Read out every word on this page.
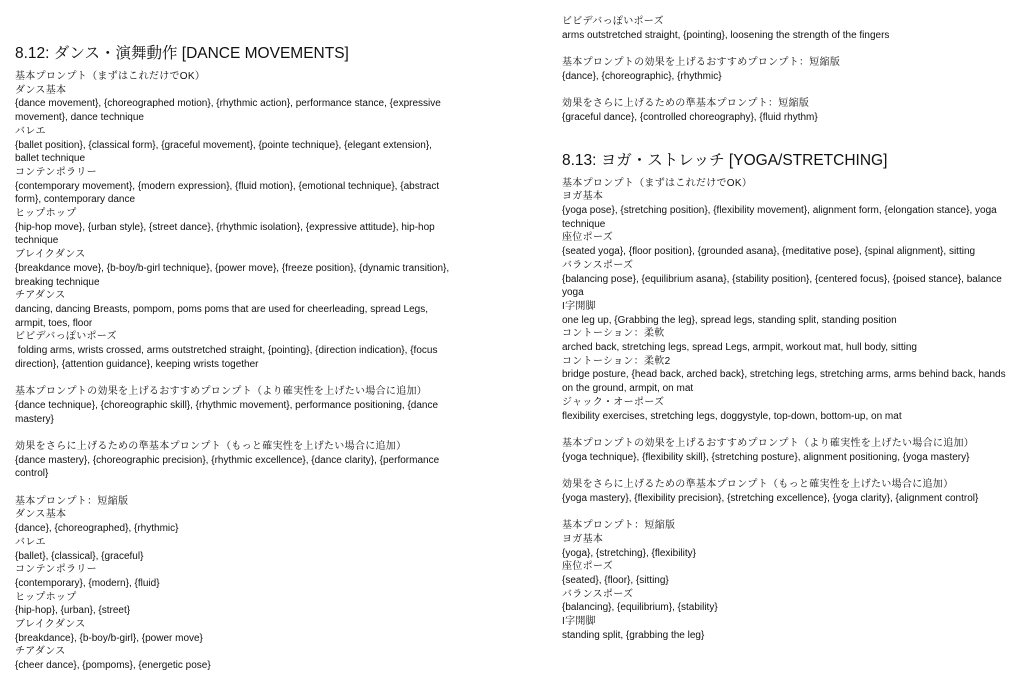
8.12: ダンス・演舞動作 [DANCE MOVEMENTS]
基本プロンプト（まずはこれだけでOK）
ダンス基本
{dance movement}, {choreographed motion}, {rhythmic action}, performance stance, {expressive movement}, dance technique
バレエ
{ballet position}, {classical form}, {graceful movement}, {pointe technique}, {elegant extension}, ballet technique
コンテンポラリー
{contemporary movement}, {modern expression}, {fluid motion}, {emotional technique}, {abstract form}, contemporary dance
ヒップホップ
{hip-hop move}, {urban style}, {street dance}, {rhythmic isolation}, {expressive attitude}, hip-hop technique
ブレイクダンス
{breakdance move}, {b-boy/b-girl technique}, {power move}, {freeze position}, {dynamic transition}, breaking technique
チアダンス
dancing, dancing Breasts, pompom, poms poms that are used for cheerleading, spread Legs, armpit, toes, floor
ビビデバっぽいポーズ
folding arms, wrists crossed, arms outstretched straight, {pointing}, {direction indication}, {focus direction}, {attention guidance}, keeping wrists together
基本プロンプトの効果を上げるおすすめプロンプト（より確実性を上げたい場合に追加）
{dance technique}, {choreographic skill}, {rhythmic movement}, performance positioning, {dance mastery}
効果をさらに上げるための準基本プロンプト（もっと確実性を上げたい場合に追加）
{dance mastery}, {choreographic precision}, {rhythmic excellence}, {dance clarity}, {performance control}
基本プロンプト：短縮版
ダンス基本
{dance}, {choreographed}, {rhythmic}
バレエ
{ballet}, {classical}, {graceful}
コンテンポラリー
{contemporary}, {modern}, {fluid}
ヒップホップ
{hip-hop}, {urban}, {street}
ブレイクダンス
{breakdance}, {b-boy/b-girl}, {power move}
チアダンス
{cheer dance}, {pompoms}, {energetic pose}
ビビデバっぽいポーズ
arms outstretched straight, {pointing}, loosening the strength of the fingers
基本プロンプトの効果を上げるおすすめプロンプト：短縮版
{dance}, {choreographic}, {rhythmic}
効果をさらに上げるための準基本プロンプト：短縮版
{graceful dance}, {controlled choreography}, {fluid rhythm}
8.13: ヨガ・ストレッチ [YOGA/STRETCHING]
基本プロンプト（まずはこれだけでOK）
ヨガ基本
{yoga pose}, {stretching position}, {flexibility movement}, alignment form, {elongation stance}, yoga technique
座位ポーズ
{seated yoga}, {floor position}, {grounded asana}, {meditative pose}, {spinal alignment}, sitting
バランスポーズ
{balancing pose}, {equilibrium asana}, {stability position}, {centered focus}, {poised stance}, balance yoga
I字開脚
one leg up, {Grabbing the leg}, spread legs, standing split, standing position
コントーション：柔軟
arched back, stretching legs, spread Legs, armpit, workout mat, hull body, sitting
コントーション：柔軟2
bridge posture, {head back, arched back}, stretching legs, stretching arms, arms behind back, hands on the ground, armpit, on mat
ジャック・オーポーズ
flexibility exercises, stretching legs, doggystyle, top-down, bottom-up, on mat
基本プロンプトの効果を上げるおすすめプロンプト（より確実性を上げたい場合に追加）
{yoga technique}, {flexibility skill}, {stretching posture}, alignment positioning, {yoga mastery}
効果をさらに上げるための準基本プロンプト（もっと確実性を上げたい場合に追加）
{yoga mastery}, {flexibility precision}, {stretching excellence}, {yoga clarity}, {alignment control}
基本プロンプト：短縮版
ヨガ基本
{yoga}, {stretching}, {flexibility}
座位ポーズ
{seated}, {floor}, {sitting}
バランスポーズ
{balancing}, {equilibrium}, {stability}
I字開脚
standing split, {grabbing the leg}
